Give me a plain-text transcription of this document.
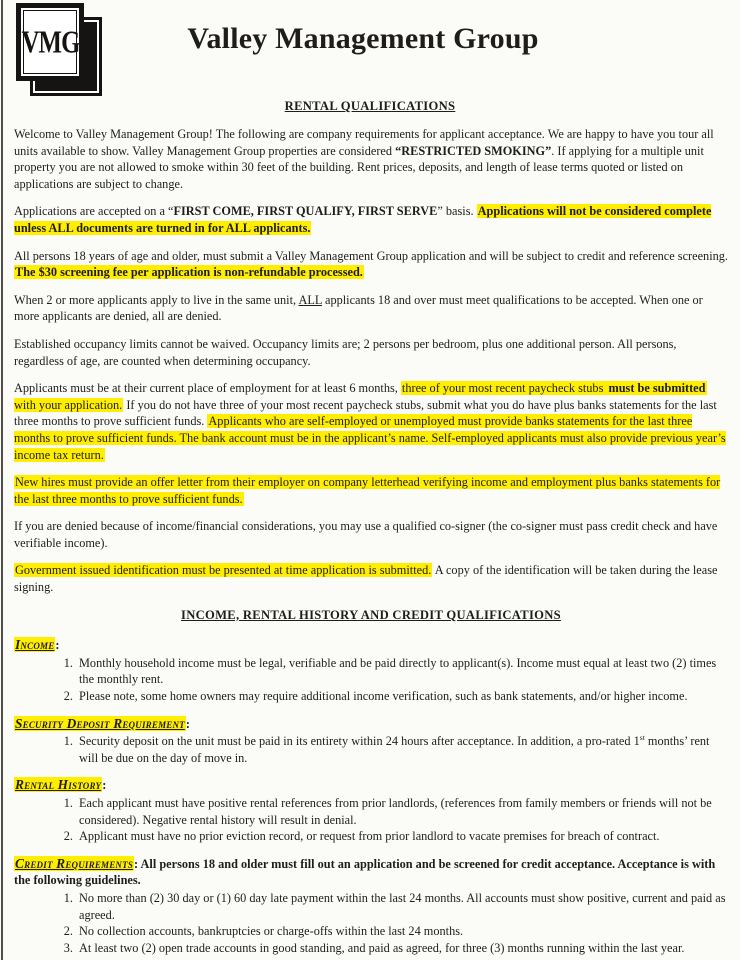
VMG	Valley Management Group
RENTAL QUALIFICATIONS

Welcome to Valley Management Group! The following are company requirements for applicant acceptance. We are happy to have you tour all units available to show. Valley Management Group properties are considered “RESTRICTED SMOKING”. If applying for a multiple unit property you are not allowed to smoke within 30 feet of the building. Rent prices, deposits, and length of lease terms quoted or listed on applications are subject to change.

Applications are accepted on a “FIRST COME, FIRST QUALIFY, FIRST SERVE” basis. Applications will not be considered complete unless ALL documents are turned in for ALL applicants.

All persons 18 years of age and older, must submit a Valley Management Group application and will be subject to credit and reference screening. The $30 screening fee per application is non-refundable processed.

When 2 or more applicants apply to live in the same unit, ALL applicants 18 and over must meet qualifications to be accepted. When one or more applicants are denied, all are denied.

Established occupancy limits cannot be waived. Occupancy limits are; 2 persons per bedroom, plus one additional person. All persons, regardless of age, are counted when determining occupancy.

Applicants must be at their current place of employment for at least 6 months, three of your most recent paycheck stubs must be submitted with your application. If you do not have three of your most recent paycheck stubs, submit what you do have plus banks statements for the last three months to prove sufficient funds. Applicants who are self-employed or unemployed must provide banks statements for the last three months to prove sufficient funds. The bank account must be in the applicant’s name. Self-employed applicants must also provide previous year’s income tax return.

New hires must provide an offer letter from their employer on company letterhead verifying income and employment plus banks statements for the last three months to prove sufficient funds.

If you are denied because of income/financial considerations, you may use a qualified co-signer (the co-signer must pass credit check and have verifiable income).

Government issued identification must be presented at time application is submitted. A copy of the identification will be taken during the lease signing.

INCOME, RENTAL HISTORY AND CREDIT QUALIFICATIONS

Income:

1. Monthly household income must be legal, verifiable and be paid directly to applicant(s). Income must equal at least two (2) times the monthly rent.
2. Please note, some home owners may require additional income verification, such as bank statements, and/or higher income.

Security Deposit Requirement:

1. Security deposit on the unit must be paid in its entirety within 24 hours after acceptance. In addition, a pro-rated 1st months’ rent will be due on the day of move in.

Rental History:

1. Each applicant must have positive rental references from prior landlords, (references from family members or friends will not be considered). Negative rental history will result in denial.
2. Applicant must have no prior eviction record, or request from prior landlord to vacate premises for breach of contract.

Credit Requirements: All persons 18 and older must fill out an application and be screened for credit acceptance. Acceptance is with the following guidelines.

1. No more than (2) 30 day or (1) 60 day late payment within the last 24 months. All accounts must show positive, current and paid as agreed.
2. No collection accounts, bankruptcies or charge-offs within the last 24 months.
3. At least two (2) open trade accounts in good standing, and paid as agreed, for three (3) months running within the last year.
